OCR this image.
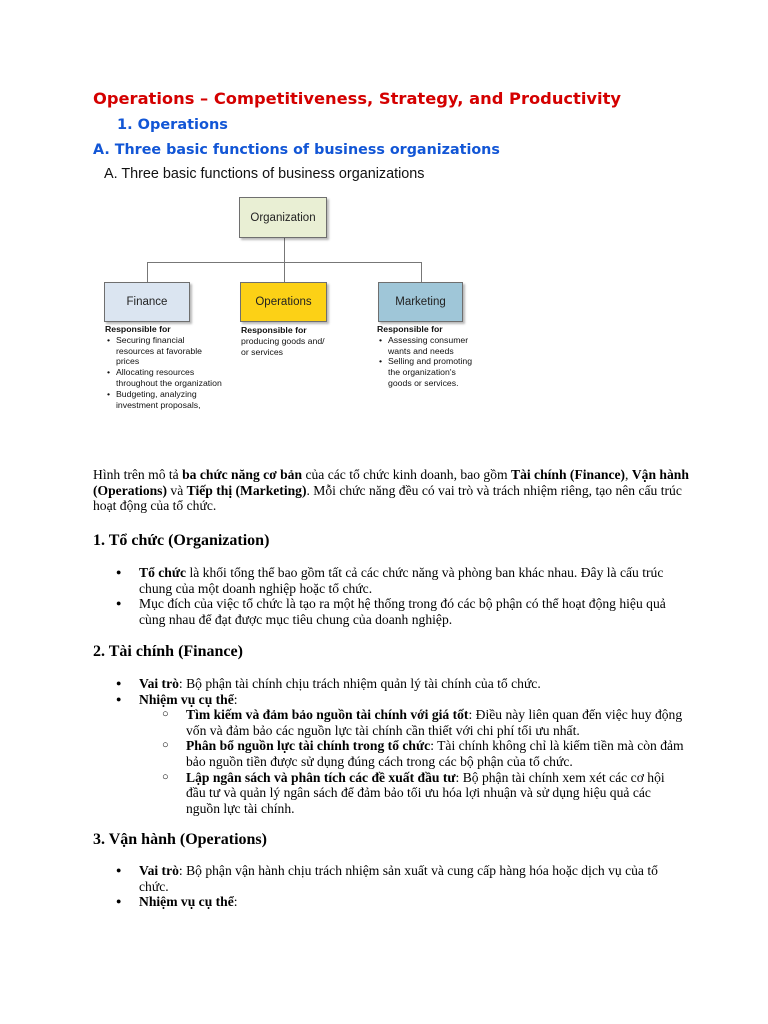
Operations – Competitiveness, Strategy, and Productivity
1. Operations
A. Three basic functions of business organizations
A. Three basic functions of business organizations
Organization
Finance	Operations	Marketing
Responsible for
• Securing financial resources at favorable prices
• Allocating resources throughout the organization
• Budgeting, analyzing investment proposals,
Responsible for
producing goods and/ or services
Responsible for
• Assessing consumer wants and needs
• Selling and promoting the organization's goods or services.

Hình trên mô tả ba chức năng cơ bản của các tổ chức kinh doanh, bao gồm Tài chính (Finance), Vận hành (Operations) và Tiếp thị (Marketing). Mỗi chức năng đều có vai trò và trách nhiệm riêng, tạo nên cấu trúc hoạt động của tổ chức.

1. Tổ chức (Organization)
● Tổ chức là khối tổng thể bao gồm tất cả các chức năng và phòng ban khác nhau. Đây là cấu trúc chung của một doanh nghiệp hoặc tổ chức.
● Mục đích của việc tổ chức là tạo ra một hệ thống trong đó các bộ phận có thể hoạt động hiệu quả cùng nhau để đạt được mục tiêu chung của doanh nghiệp.
2. Tài chính (Finance)
● Vai trò: Bộ phận tài chính chịu trách nhiệm quản lý tài chính của tổ chức.
● Nhiệm vụ cụ thể:
○ Tìm kiếm và đảm bảo nguồn tài chính với giá tốt: Điều này liên quan đến việc huy động vốn và đảm bảo các nguồn lực tài chính cần thiết với chi phí tối ưu nhất.
○ Phân bổ nguồn lực tài chính trong tổ chức: Tài chính không chỉ là kiếm tiền mà còn đảm bảo nguồn tiền được sử dụng đúng cách trong các bộ phận của tổ chức.
○ Lập ngân sách và phân tích các đề xuất đầu tư: Bộ phận tài chính xem xét các cơ hội đầu tư và quản lý ngân sách để đảm bảo tối ưu hóa lợi nhuận và sử dụng hiệu quả các nguồn lực tài chính.
3. Vận hành (Operations)
● Vai trò: Bộ phận vận hành chịu trách nhiệm sản xuất và cung cấp hàng hóa hoặc dịch vụ của tổ chức.
● Nhiệm vụ cụ thể:
